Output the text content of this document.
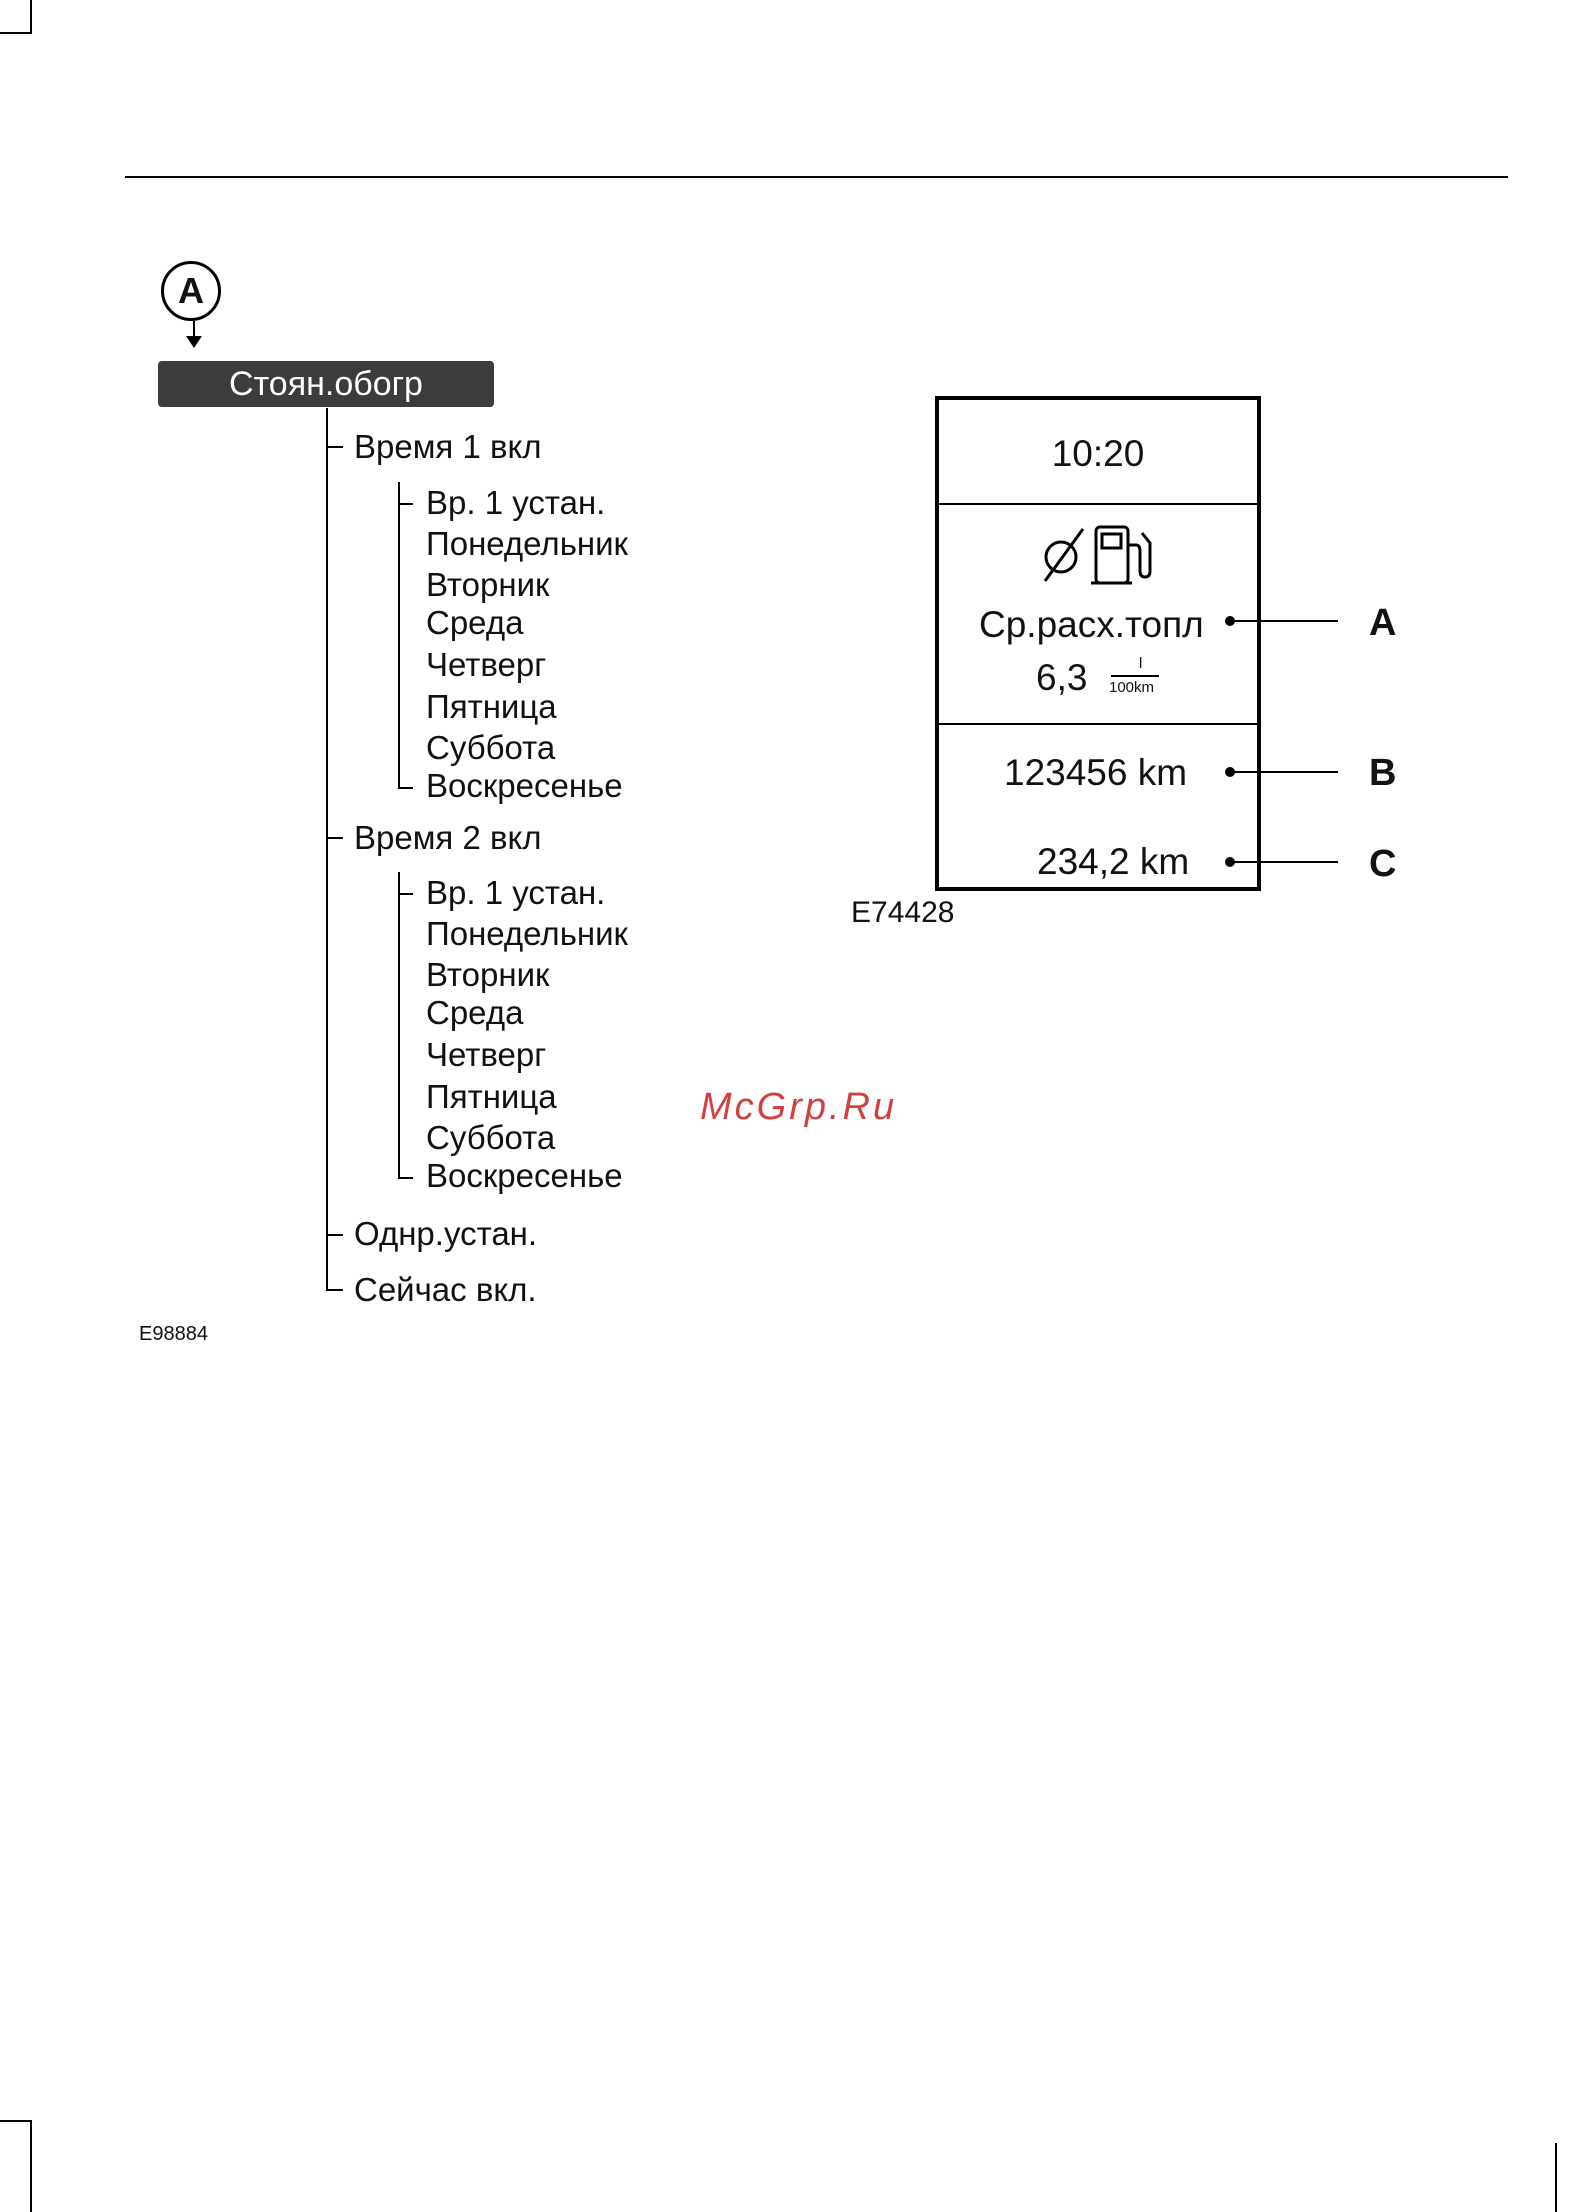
A
Стоян.обогр
Время 1 вкл
Время 2 вкл
Однр.устан.
Сейчас вкл.
Вр. 1 устан.
Понедельник
Вторник
Среда
Четверг
Пятница
Суббота
Воскресенье
Вр. 1 устан.
Понедельник
Вторник
Среда
Четверг
Пятница
Суббота
Воскресенье
E98884
10:20
Ср.расх.топл
6,3	l
100km
123456 km
234,2 km
A
B
C
E74428
McGrp.Ru
